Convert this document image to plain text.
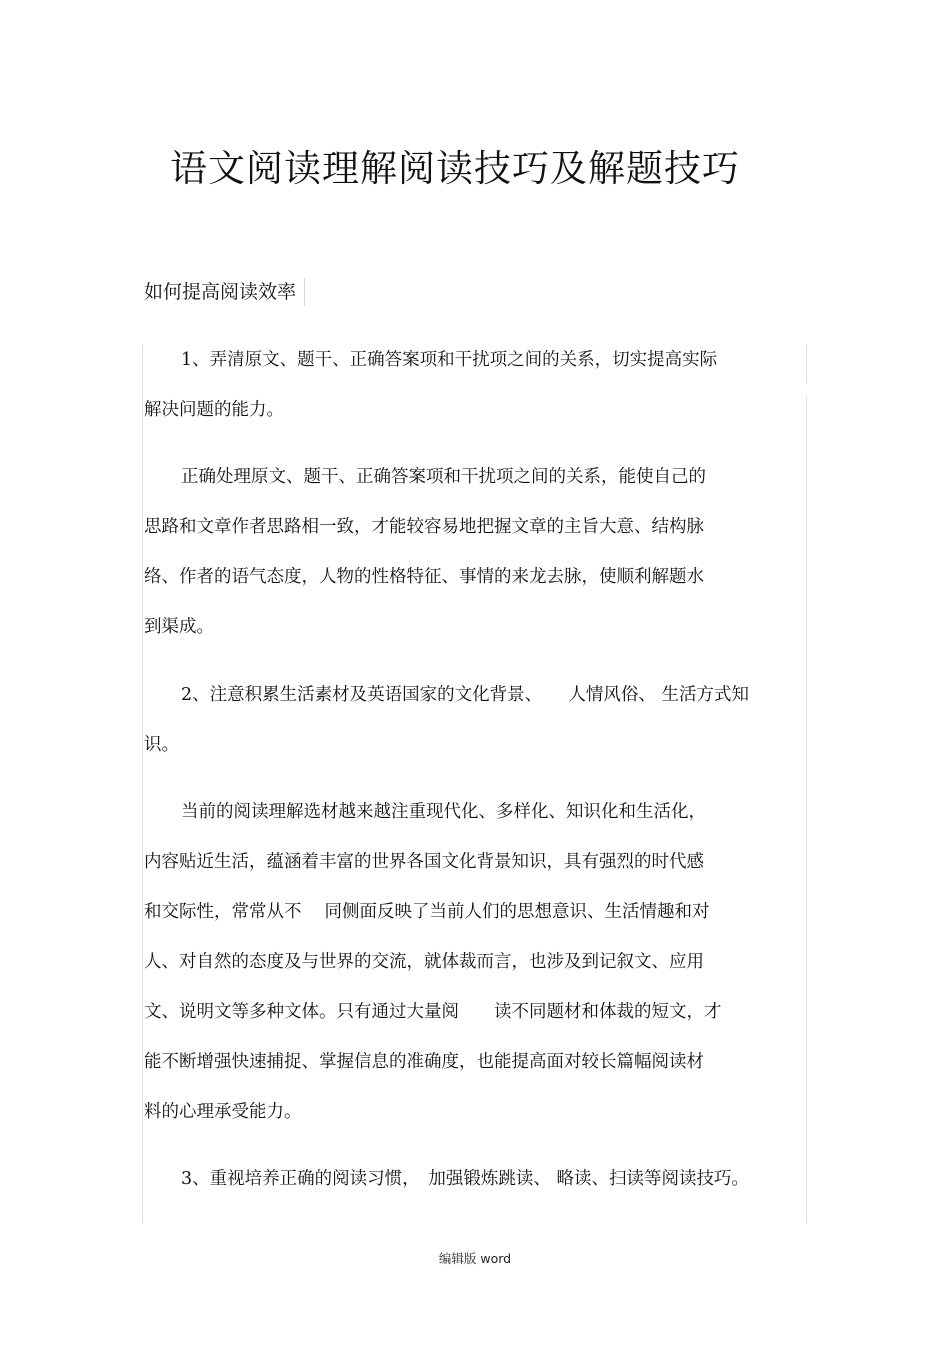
语文阅读理解阅读技巧及解题技巧
如何提高阅读效率

1、弄清原文、题干、正确答案项和干扰项之间的关系，切实提高实际

解决问题的能力。

正确处理原文、题干、正确答案项和干扰项之间的关系，能使自己的

思路和文章作者思路相一致，才能较容易地把握文章的主旨大意、结构脉

络、作者的语气态度，人物的性格特征、事情的来龙去脉，使顺利解题水

到渠成。

2、注意积累生活素材及英语国家的文化背景、　　人情风俗、 生活方式知

识。

当前的阅读理解选材越来越注重现代化、多样化、知识化和生活化，

内容贴近生活，蕴涵着丰富的世界各国文化背景知识，具有强烈的时代感

和交际性，常常从不　 同侧面反映了当前人们的思想意识、生活情趣和对

人、对自然的态度及与世界的交流，就体裁而言，也涉及到记叙文、应用

文、说明文等多种文体。只有通过大量阅　　读不同题材和体裁的短文，才

能不断增强快速捕捉、掌握信息的准确度，也能提高面对较长篇幅阅读材

料的心理承受能力。

3、重视培养正确的阅读习惯，　加强锻炼跳读、 略读、扫读等阅读技巧。

编辑版 word
